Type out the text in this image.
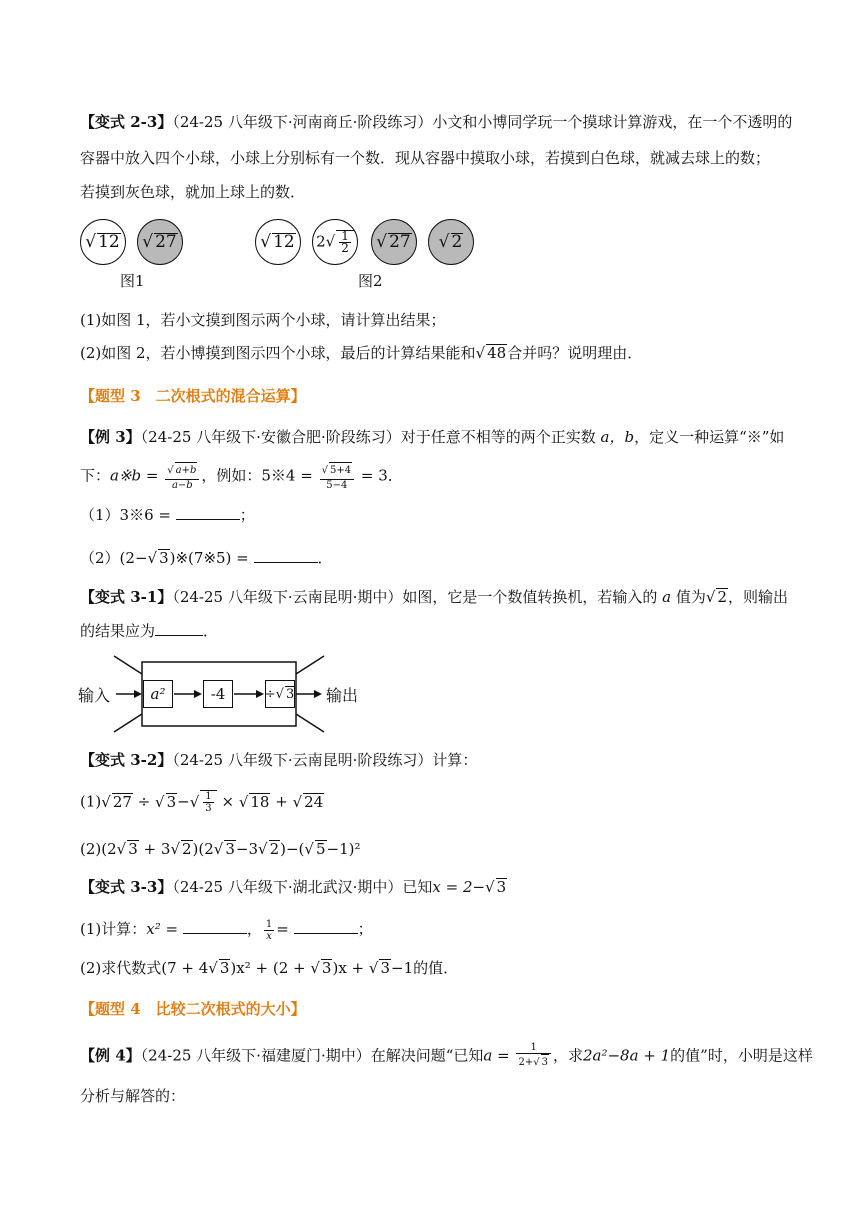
【变式 2-3】（24-25 八年级下·河南商丘·阶段练习）小文和小博同学玩一个摸球计算游戏，在一个不透明的
容器中放入四个小球，小球上分别标有一个数．现从容器中摸取小球，若摸到白色球，就减去球上的数；
若摸到灰色球，就加上球上的数．
√ 12 √ 27
图1
√ 12 $2√ \frac{1}{2}$ √ 27 √ 2
图2
(1)如图 1，若小文摸到图示两个小球，请计算出结果；
(2)如图 2，若小博摸到图示四个小球，最后的计算结果能和√ 48合并吗？说明理由．
【题型 3　二次根式的混合运算】
【例 3】（24-25 八年级下·安徽合肥·阶段练习）对于任意不相等的两个正实数 a，b，定义一种运算“※”如
下：a※b = $\frac{√ a+b}{a-b}$ ，例如：5※4 = $\frac{√ 5+4}{5-4} = 3$．
（1）3※6 =	；
（2）(2−√ 3)※(7※5) =	．
【变式 3-1】（24-25 八年级下·云南昆明·期中）如图，它是一个数值转换机，若输入的 a 值为√ 2，则输出
的结果应为	．
输入	a²	-4	÷ √ 3 输出
【变式 3-2】（24-25 八年级下·云南昆明·阶段练习）计算：
(1)√ 27 ÷ √ $3-√ \frac{1}{3}$ × √ 18 + √ 24
(2)(2√ 3 + 3√ 2)(2√ 3−3√ 2)−(√ 5−1)²
【变式 3-3】（24-25 八年级下·湖北武汉·期中）已知x = 2−√ 3
(1)计算：x² =	， $\frac{1}{x}$ =	；
(2)求代数式(7 + 4√ 3)x² + (2 + √ 3)x + √ 3−1的值．
【题型 4　比较二次根式的大小】
【例 4】（24-25 八年级下·福建厦门·期中）在解决问题“已知$a = \frac{1}{2+√ 3}$ ，求2a²−8a + 1的值”时，小明是这样
分析与解答的：
